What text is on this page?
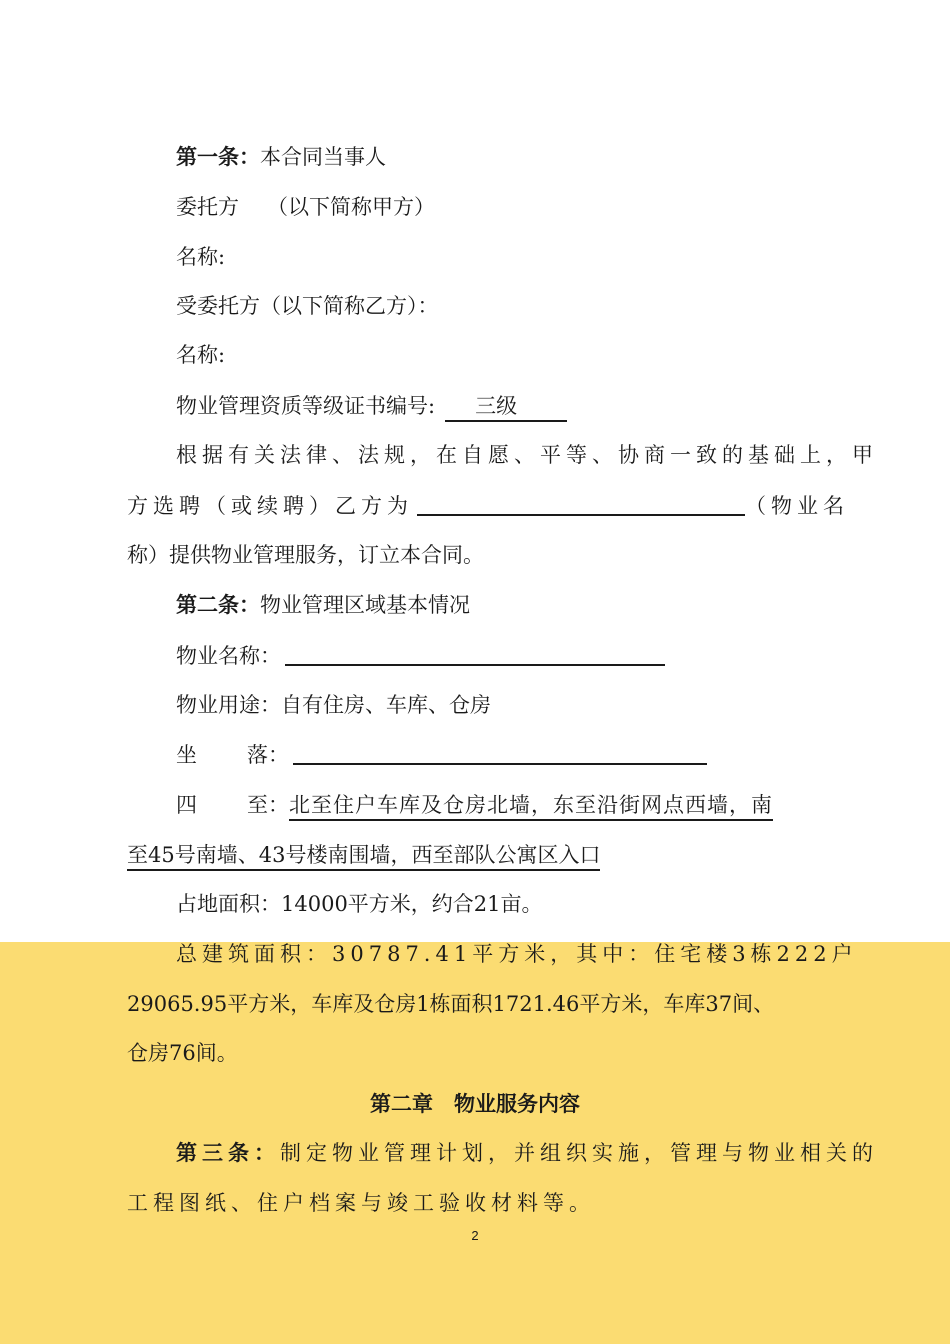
第一条：本合同当事人
委托方 （以下简称甲方）
名称:
受委托方（以下简称乙方）：
名称:
物业管理资质等级证书编号: 三级
根据有关法律、法规，在自愿、平等、协商一致的基础上，甲
方选聘（或续聘）乙方为	（物业名
称）提供物业管理服务，订立本合同。
第二条：物业管理区域基本情况
物业名称：
物业用途：自有住房、车库、仓房
坐 落：
四 至：北至住户车库及仓房北墙，东至沿街网点西墙，南
至45号南墙、43号楼南围墙，西至部队公寓区入口
占地面积：14000平方米，约合21亩。
总建筑面积：30787.41平方米，其中：住宅楼3栋222户
29065.95平方米，车库及仓房1栋面积1721.46平方米，车库37间、
仓房76间。
第二章　物业服务内容
第三条：制定物业管理计划，并组织实施，管理与物业相关的
工程图纸、住户档案与竣工验收材料等。
2
